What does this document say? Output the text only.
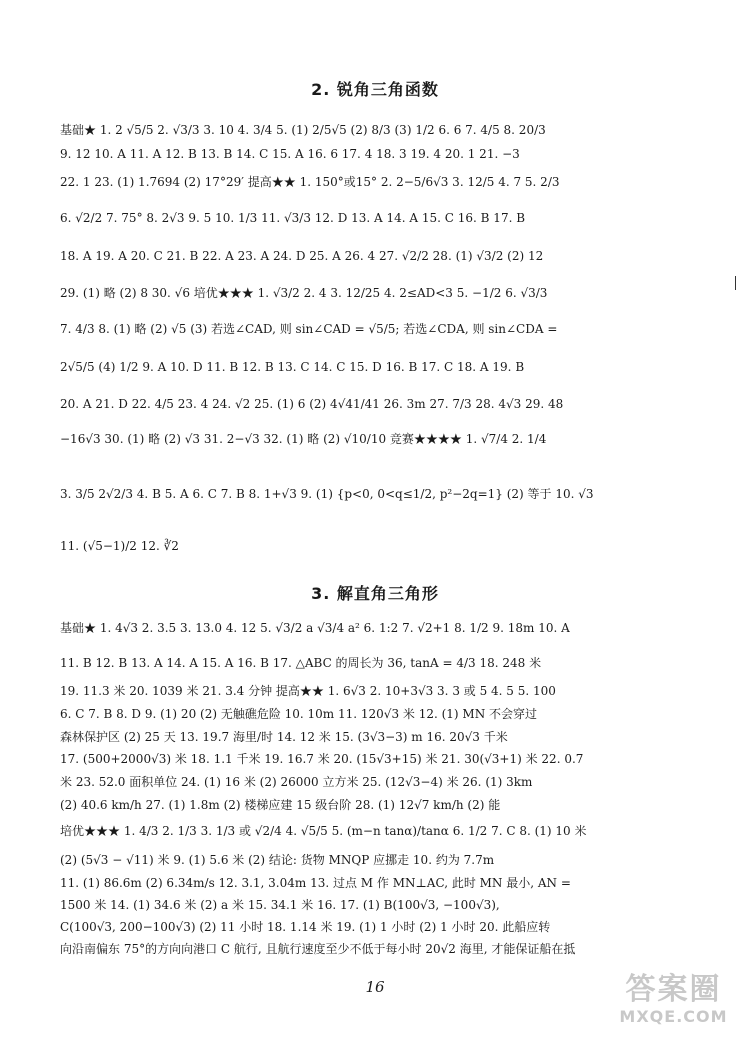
2. 锐角三角函数
基础★ 1. 2 √5/5 2. √3/3 3. 10 4. 3/4 5. (1) 2/5√5 (2) 8/3 (3) 1/2 6. 6 7. 4/5 8. 20/3
9. 12 10. A 11. A 12. B 13. B 14. C 15. A 16. 6 17. 4 18. 3 19. 4 20. 1 21. −3
22. 1 23. (1) 1.7694 (2) 17°29′ 提高★★ 1. 150°或15° 2. 2−5/6√3 3. 12/5 4. 7 5. 2/3
6. √2/2 7. 75° 8. 2√3 9. 5 10. 1/3 11. √3/3 12. D 13. A 14. A 15. C 16. B 17. B
18. A 19. A 20. C 21. B 22. A 23. A 24. D 25. A 26. 4 27. √2/2 28. (1) √3/2 (2) 12
29. (1) 略 (2) 8 30. √6 培优★★★ 1. √3/2 2. 4 3. 12/25 4. 2≤AD<3 5. −1/2 6. √3/3
7. 4/3 8. (1) 略 (2) √5 (3) 若选∠CAD, 则 sin∠CAD = √5/5; 若选∠CDA, 则 sin∠CDA =
2√5/5 (4) 1/2 9. A 10. D 11. B 12. B 13. C 14. C 15. D 16. B 17. C 18. A 19. B
20. A 21. D 22. 4/5 23. 4 24. √2 25. (1) 6 (2) 4√41/41 26. 3m 27. 7/3 28. 4√3 29. 48
−16√3 30. (1) 略 (2) √3 31. 2−√3 32. (1) 略 (2) √10/10 竞赛★★★★ 1. √7/4 2. 1/4
3. 3/5 2√2/3 4. B 5. A 6. C 7. B 8. 1+√3 9. (1) {p<0, 0<q≤1/2, p²−2q=1} (2) 等于 10. √3
11. (√5−1)/2 12. ∛2
3. 解直角三角形
基础★ 1. 4√3 2. 3.5 3. 13.0 4. 12 5. √3/2 a √3/4 a² 6. 1:2 7. √2+1 8. 1/2 9. 18m 10. A
11. B 12. B 13. A 14. A 15. A 16. B 17. △ABC 的周长为 36, tanA = 4/3 18. 248 米
19. 11.3 米 20. 1039 米 21. 3.4 分钟 提高★★ 1. 6√3 2. 10+3√3 3. 3 或 5 4. 5 5. 100
6. C 7. B 8. D 9. (1) 20 (2) 无触礁危险 10. 10m 11. 120√3 米 12. (1) MN 不会穿过
森林保护区 (2) 25 天 13. 19.7 海里/时 14. 12 米 15. (3√3−3) m 16. 20√3 千米
17. (500+2000√3) 米 18. 1.1 千米 19. 16.7 米 20. (15√3+15) 米 21. 30(√3+1) 米 22. 0.7
米 23. 52.0 面积单位 24. (1) 16 米 (2) 26000 立方米 25. (12√3−4) 米 26. (1) 3km
(2) 40.6 km/h 27. (1) 1.8m (2) 楼梯应建 15 级台阶 28. (1) 12√7 km/h (2) 能
培优★★★ 1. 4/3 2. 1/3 3. 1/3 或 √2/4 4. √5/5 5. (m−n tanα)/tanα 6. 1/2 7. C 8. (1) 10 米
(2) (5√3 − √11) 米 9. (1) 5.6 米 (2) 结论: 货物 MNQP 应挪走 10. 约为 7.7m
11. (1) 86.6m (2) 6.34m/s 12. 3.1, 3.04m 13. 过点 M 作 MN⊥AC, 此时 MN 最小, AN =
1500 米 14. (1) 34.6 米 (2) a 米 15. 34.1 米 16. 17. (1) B(100√3, −100√3),
C(100√3, 200−100√3) (2) 11 小时 18. 1.14 米 19. (1) 1 小时 (2) 1 小时 20. 此船应转
向沿南偏东 75°的方向向港口 C 航行, 且航行速度至少不低于每小时 20√2 海里, 才能保证船在抵
16	答案圈
MXQE.COM
